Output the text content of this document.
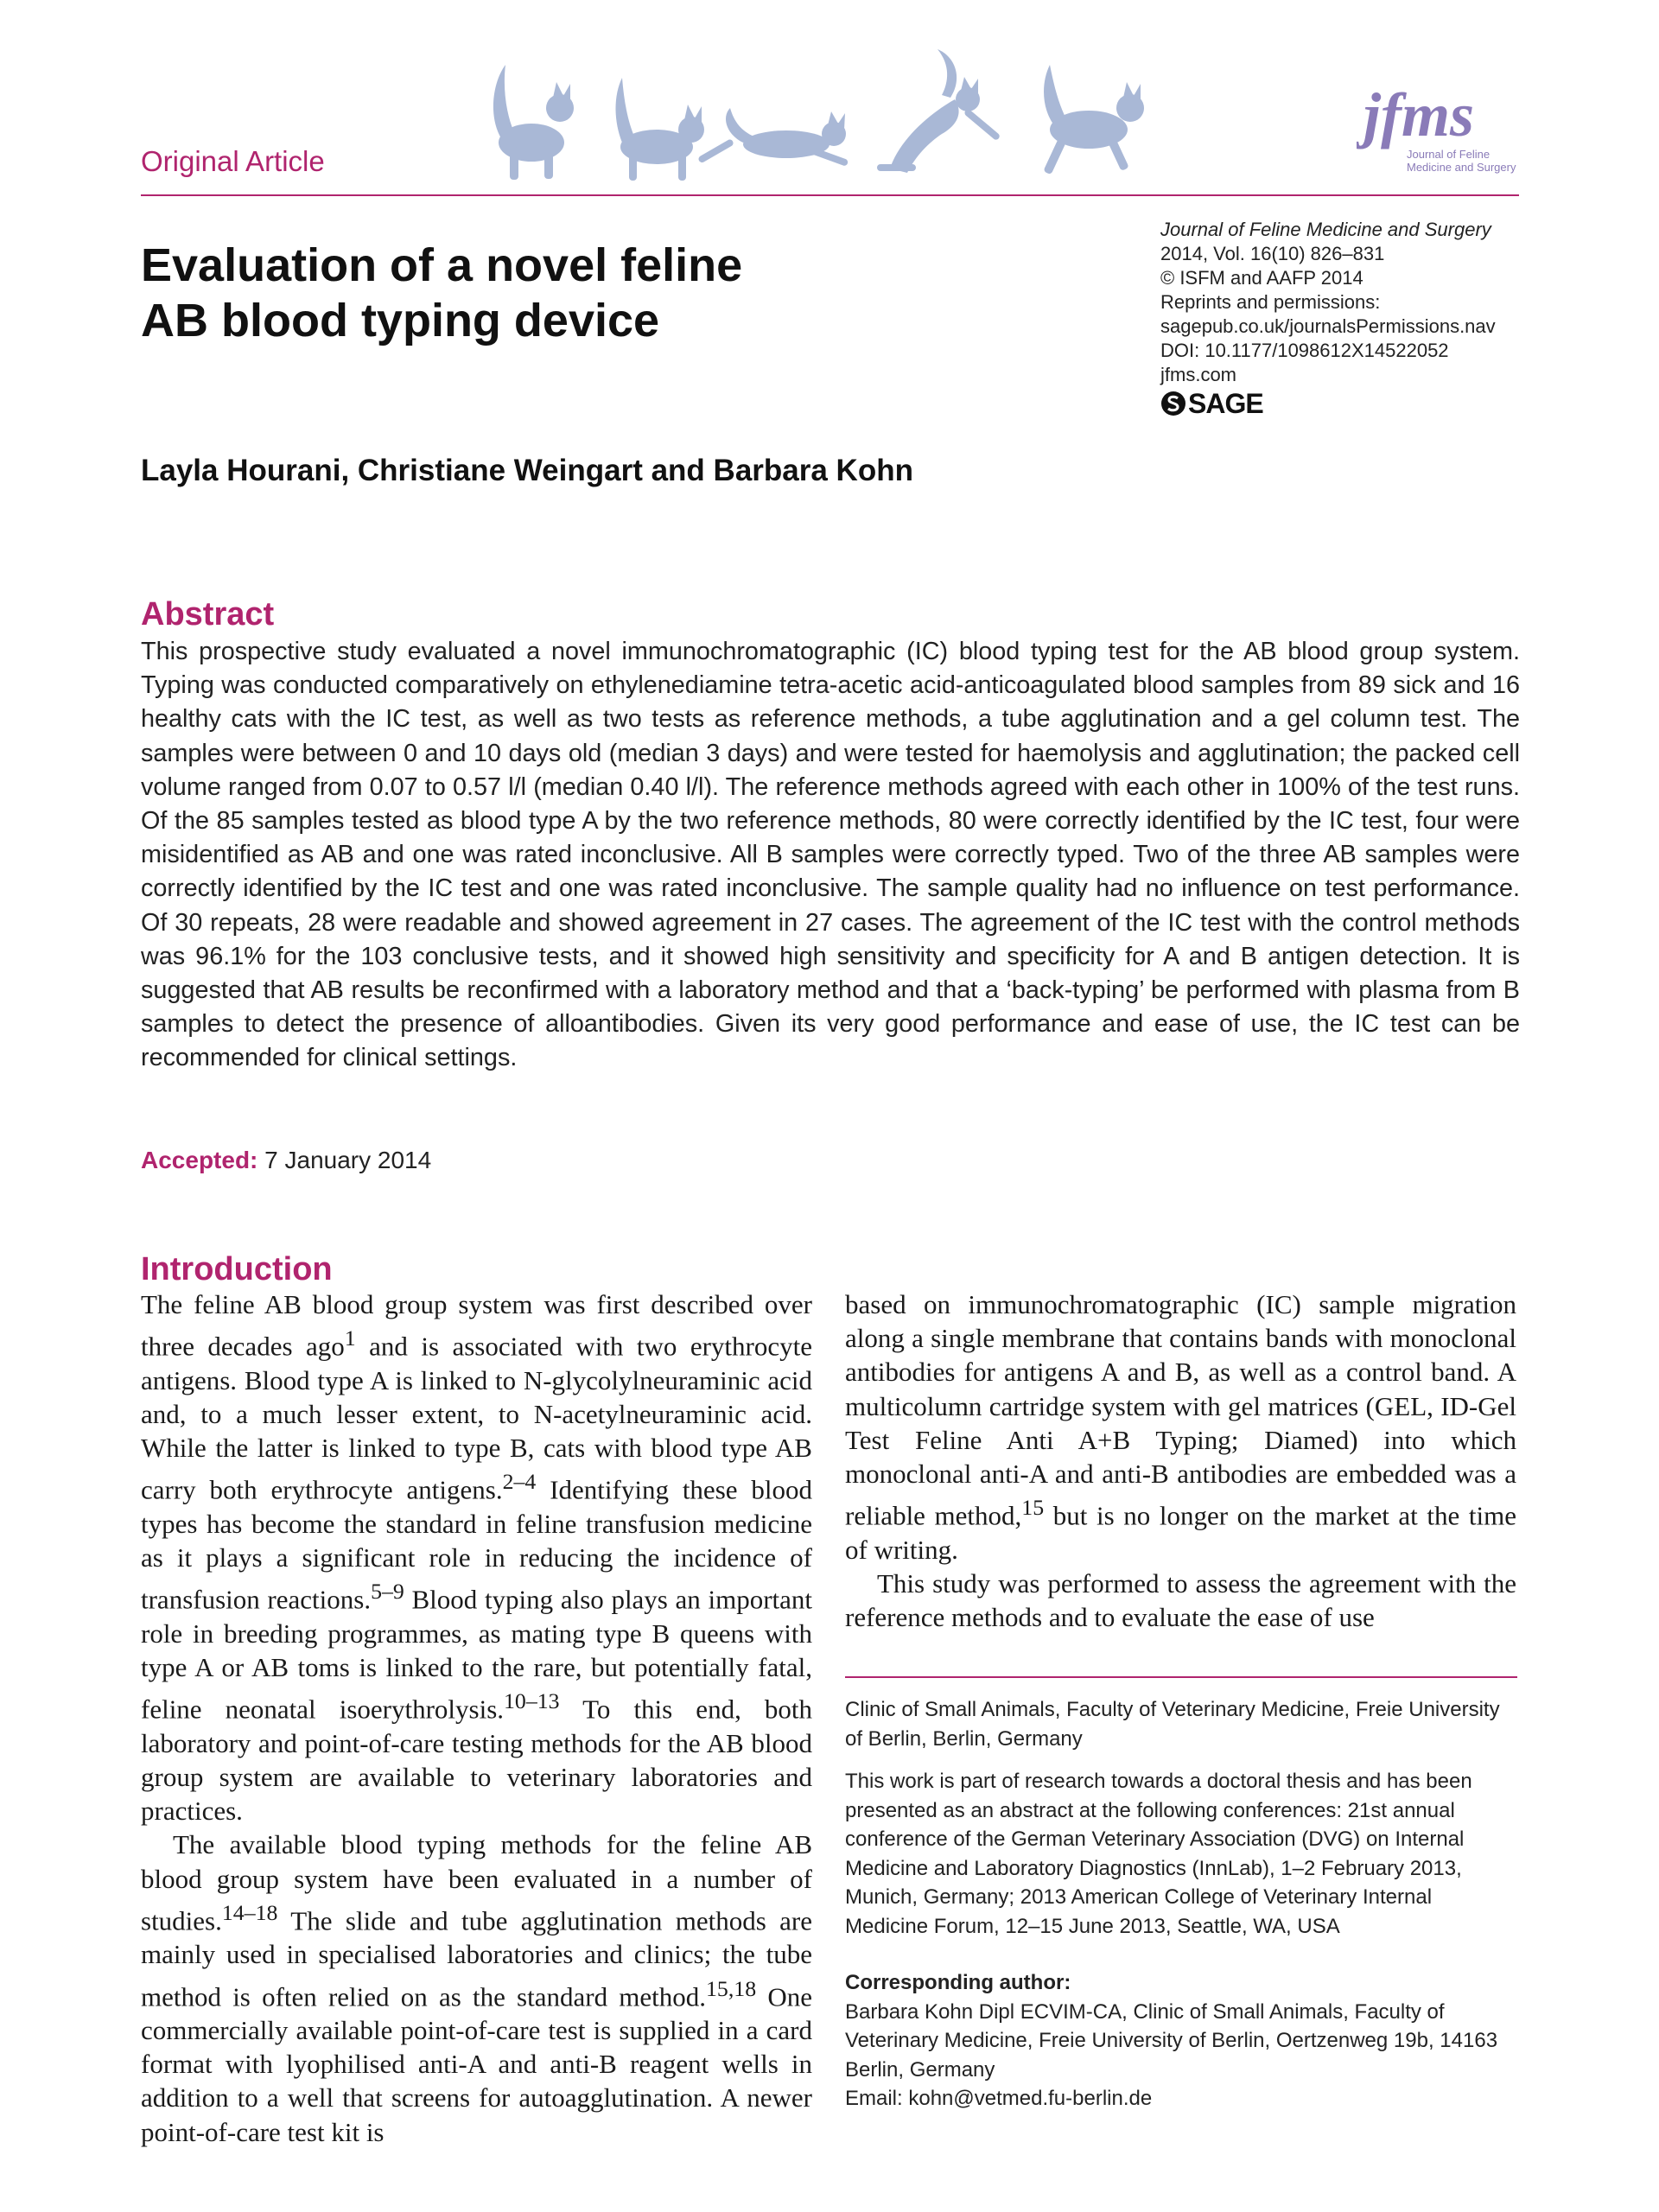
Original Article
jfms
Journal of Feline
Medicine and Surgery
Evaluation of a novel feline
AB blood typing device
Journal of Feline Medicine and Surgery
2014, Vol. 16(10) 826–831
© ISFM and AAFP 2014
Reprints and permissions:
sagepub.co.uk/journalsPermissions.nav
DOI: 10.1177/1098612X14522052
jfms.com
SAGE
Layla Hourani, Christiane Weingart and Barbara Kohn
Abstract
This prospective study evaluated a novel immunochromatographic (IC) blood typing test for the AB blood group system. Typing was conducted comparatively on ethylenediamine tetra-acetic acid-anticoagulated blood samples from 89 sick and 16 healthy cats with the IC test, as well as two tests as reference methods, a tube agglutination and a gel column test. The samples were between 0 and 10 days old (median 3 days) and were tested for haemolysis and agglutination; the packed cell volume ranged from 0.07 to 0.57 l/l (median 0.40 l/l). The reference methods agreed with each other in 100% of the test runs. Of the 85 samples tested as blood type A by the two reference methods, 80 were correctly identified by the IC test, four were misidentified as AB and one was rated inconclusive. All B samples were correctly typed. Two of the three AB samples were correctly identified by the IC test and one was rated inconclusive. The sample quality had no influence on test performance. Of 30 repeats, 28 were readable and showed agreement in 27 cases. The agreement of the IC test with the control methods was 96.1% for the 103 conclusive tests, and it showed high sensitivity and specificity for A and B antigen detection. It is suggested that AB results be reconfirmed with a laboratory method and that a ‘back-typing’ be performed with plasma from B samples to detect the presence of alloantibodies. Given its very good performance and ease of use, the IC test can be recommended for clinical settings.
Accepted: 7 January 2014
Introduction

The feline AB blood group system was first described over three decades ago$^1$ and is associated with two erythrocyte antigens. Blood type A is linked to N-glycolylneuraminic acid and, to a much lesser extent, to N-acetylneuraminic acid. While the latter is linked to type B, cats with blood type AB carry both erythrocyte antigens.$^{2-4}$ Identifying these blood types has become the standard in feline transfusion medicine as it plays a significant role in reducing the incidence of transfusion reactions.$^{5-9}$ Blood typing also plays an important role in breeding programmes, as mating type B queens with type A or AB toms is linked to the rare, but potentially fatal, feline neonatal isoerythrolysis.$^{10-13}$ To this end, both laboratory and point-of-care testing methods for the AB blood group system are available to veterinary laboratories and practices.

The available blood typing methods for the feline AB blood group system have been evaluated in a number of studies.$^{14-18}$ The slide and tube agglutination methods are mainly used in specialised laboratories and clinics; the tube method is often relied on as the standard method.$^{15,18}$ One commercially available point-of-care test is supplied in a card format with lyophilised anti-A and anti-B reagent wells in addition to a well that screens for autoagglutination. A newer point-of-care test kit is

based on immunochromatographic (IC) sample migration along a single membrane that contains bands with monoclonal antibodies for antigens A and B, as well as a control band. A multicolumn cartridge system with gel matrices (GEL, ID-Gel Test Feline Anti A+B Typing; Diamed) into which monoclonal anti-A and anti-B antibodies are embedded was a reliable method,$^{15}$ but is no longer on the market at the time of writing.

This study was performed to assess the agreement with the reference methods and to evaluate the ease of use

Clinic of Small Animals, Faculty of Veterinary Medicine, Freie University of Berlin, Berlin, Germany
This work is part of research towards a doctoral thesis and has been presented as an abstract at the following conferences: 21st annual conference of the German Veterinary Association (DVG) on Internal Medicine and Laboratory Diagnostics (InnLab), 1–2 February 2013, Munich, Germany; 2013 American College of Veterinary Internal Medicine Forum, 12–15 June 2013, Seattle, WA, USA
Corresponding author:
Barbara Kohn Dipl ECVIM-CA, Clinic of Small Animals, Faculty of Veterinary Medicine, Freie University of Berlin, Oertzenweg 19b, 14163 Berlin, Germany
Email: kohn@vetmed.fu-berlin.de
